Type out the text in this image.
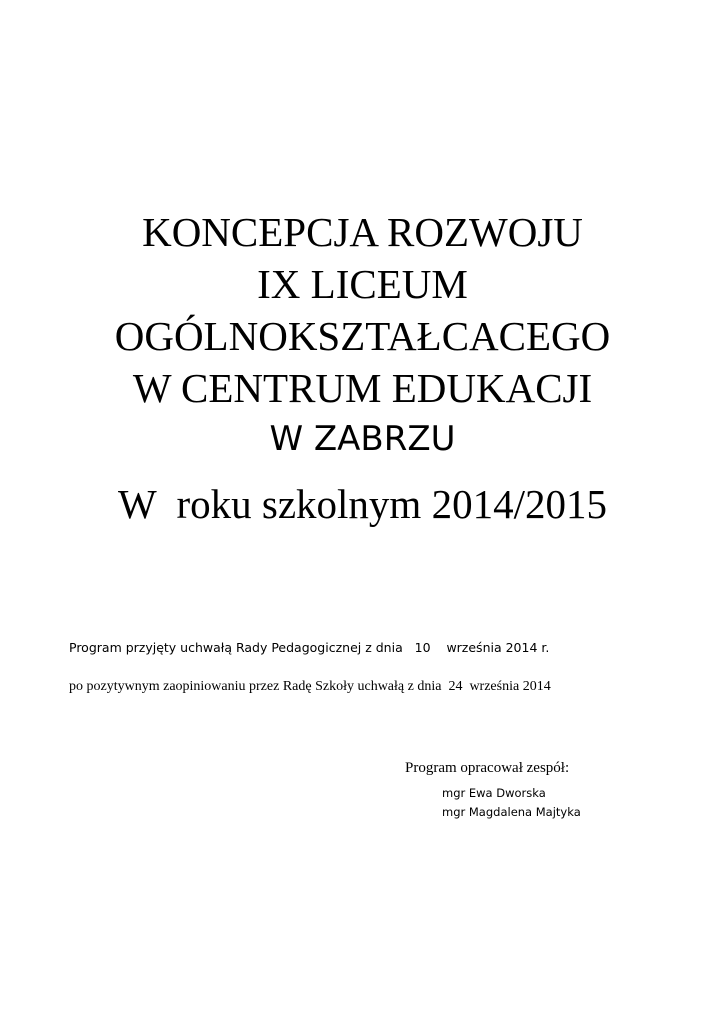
KONCEPCJA ROZWOJU
IX LICEUM
OGÓLNOKSZTAŁCACEGO
W CENTRUM EDUKACJI
W ZABRZU
W  roku szkolnym 2014/2015
Program przyjęty uchwałą Rady Pedagogicznej z dnia   10    września 2014 r.
po pozytywnym zaopiniowaniu przez Radę Szkoły uchwałą z dnia  24  września 2014
Program opracował zespół:
mgr Ewa Dworska
mgr Magdalena Majtyka
